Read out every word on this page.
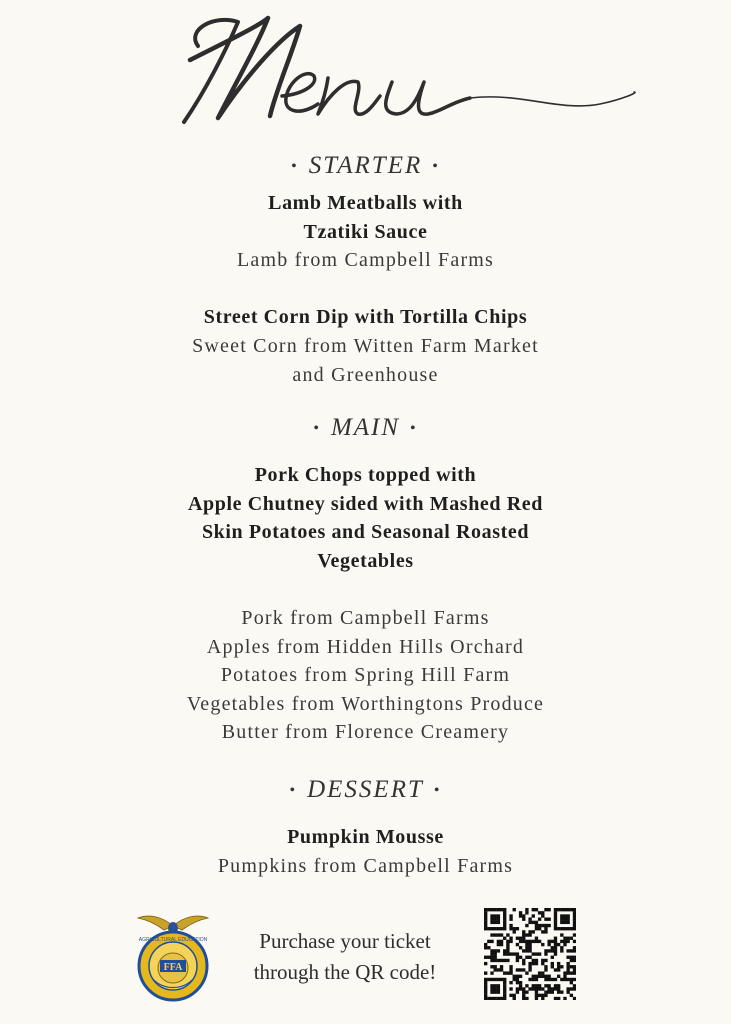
• STARTER •
Lamb Meatballs with
Tzatiki Sauce
Lamb from Campbell Farms
Street Corn Dip with Tortilla Chips
Sweet Corn from Witten Farm Market
and Greenhouse
• MAIN •
Pork Chops topped with
Apple Chutney sided with Mashed Red
Skin Potatoes and Seasonal Roasted
Vegetables
Pork from Campbell Farms
Apples from Hidden Hills Orchard
Potatoes from Spring Hill Farm
Vegetables from Worthingtons Produce
Butter from Florence Creamery
• DESSERT •
Pumpkin Mousse
Pumpkins from Campbell Farms
FFA
AGRICULTURAL EDUCATION	Purchase your ticket
through the QR code!
